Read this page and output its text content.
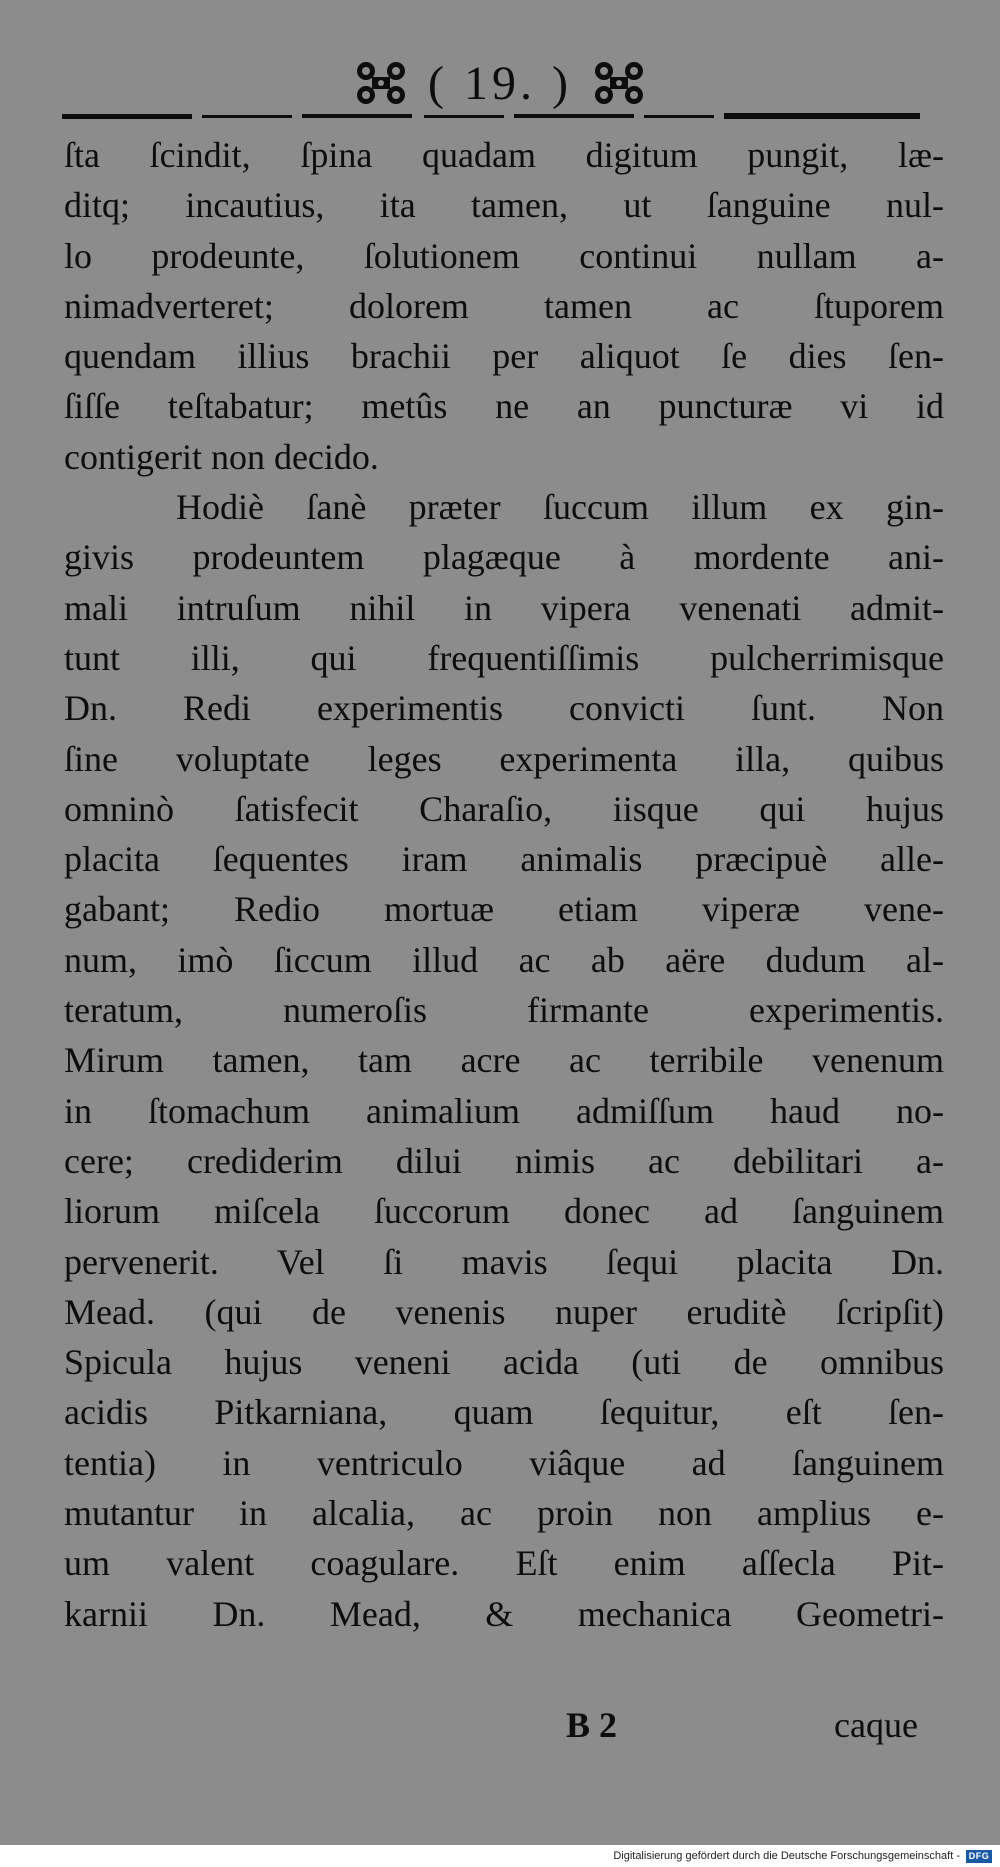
( 19. )
ſta ſcindit, ſpina quadam digitum pungit, læ-
ditq; incautius, ita tamen, ut ſanguine nul-
lo prodeunte, ſolutionem continui nullam a-
nimadverteret; dolorem tamen ac ſtuporem
quendam illius brachii per aliquot ſe dies ſen-
ſiſſe teſtabatur; metûs ne an puncturæ vi id
contigerit non decido.
Hodiè ſanè præter ſuccum illum ex gin-
givis prodeuntem plagæque à mordente ani-
mali intruſum nihil in vipera venenati admit-
tunt illi, qui frequentiſſimis pulcherrimisque
Dn. Redi experimentis convicti ſunt. Non
ſine voluptate leges experimenta illa, quibus
omninò ſatisfecit Charaſio, iisque qui hujus
placita ſequentes iram animalis præcipuè alle-
gabant; Redio mortuæ etiam viperæ vene-
num, imò ſiccum illud ac ab aëre dudum al-
teratum, numeroſis firmante experimentis.
Mirum tamen, tam acre ac terribile venenum
in ſtomachum animalium admiſſum haud no-
cere; crediderim dilui nimis ac debilitari a-
liorum miſcela ſuccorum donec ad ſanguinem
pervenerit. Vel ſi mavis ſequi placita Dn.
Mead. (qui de venenis nuper eruditè ſcripſit)
Spicula hujus veneni acida (uti de omnibus
acidis Pitkarniana, quam ſequitur, eſt ſen-
tentia) in ventriculo viâque ad ſanguinem
mutantur in alcalia, ac proin non amplius e-
um valent coagulare. Eſt enim aſſecla Pit-
karnii Dn. Mead, & mechanica Geometri-
B 2	caque
Digitalisierung gefördert durch die Deutsche Forschungsgemeinschaft - DFG
